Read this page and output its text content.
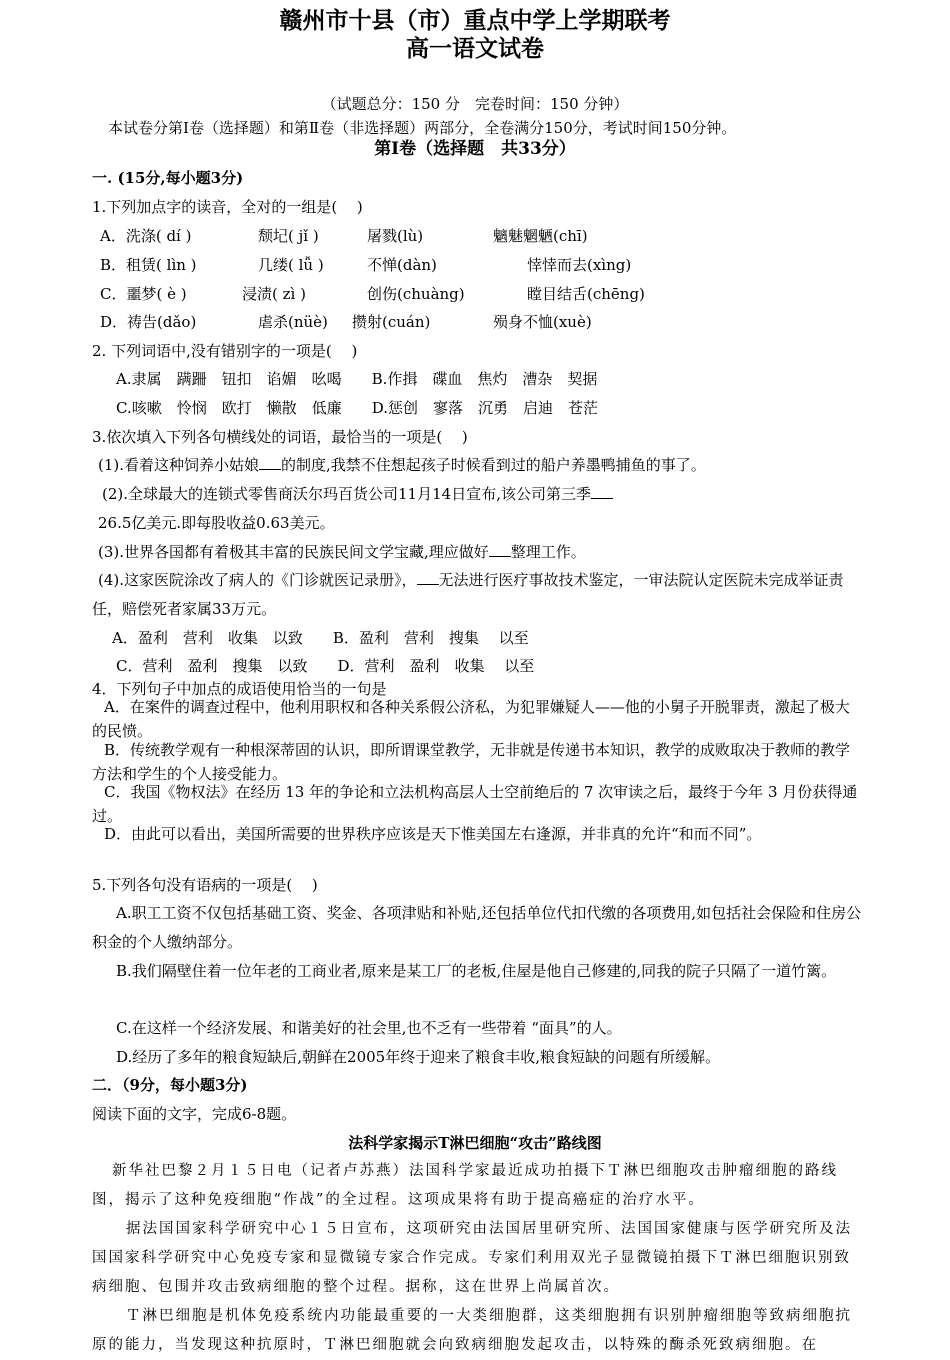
赣州市十县（市）重点中学上学期联考
高一语文试卷
（试题总分：150 分　完卷时间：150 分钟）
本试卷分第Ⅰ卷（选择题）和第Ⅱ卷（非选择题）两部分，全卷满分150分，考试时间150分钟。
第Ⅰ卷（选择题　共33分）
一. (15分,每小题3分)
1.下列加点字的读音，全对的一组是(　 )
A．洗涤( dí )	颓圮( jǐ )	屠戮(lù)	魑魅魍魉(chī)
B．租赁( lìn )	几缕( lǚ )	不惮(dàn)	悻悻而去(xìng)
C．噩梦( è )	浸渍( zì )	创伤(chuàng)	瞠目结舌(chēng)
D．祷告(dǎo)	虐杀(nüè) 攒射(cuán)	殒身不恤(xuè)
2. 下列词语中,没有错别字的一项是(　 )
A.隶属　蹒跚　钮扣　谄媚　吆喝　　B.作揖　碟血　焦灼　漕杂　契据
C.咳嗽　怜悯　欧打　懒散　低廉　　D.惩创　寥落　沉勇　启迪　苍茫
3.依次填入下列各句横线处的词语，最恰当的一项是(　 )
(1).看着这种饲养小姑娘 的制度,我禁不住想起孩子时候看到过的船户养墨鸭捕鱼的事了。
(2).全球最大的连锁式零售商沃尔玛百货公司11月14日宣布,该公司第三季
26.5亿美元.即每股收益0.63美元。
(3).世界各国都有着极其丰富的民族民间文学宝藏,理应做好 整理工作。
(4).这家医院涂改了病人的《门诊就医记录册》， 无法进行医疗事故技术鉴定，一审法院认定医院未完成举证责任，赔偿死者家属33万元。
A．盈利　营利　收集　以致　　B．盈利　营利　搜集　 以至
C．营利　盈利　搜集　以致　　D．营利　盈利　收集　 以至
4．下列句子中加点的成语使用恰当的一句是
A．在案件的调查过程中，他利用职权和各种关系假公济私，为犯罪嫌疑人——他的小舅子开脱罪责，激起了极大的民愤。
B．传统教学观有一种根深蒂固的认识，即所谓课堂教学，无非就是传递书本知识，教学的成败取决于教师的教学方法和学生的个人接受能力。
C．我国《物权法》在经历 13 年的争论和立法机构高层人士空前绝后的 7 次审读之后，最终于今年 3 月份获得通过。
D．由此可以看出，美国所需要的世界秩序应该是天下惟美国左右逢源，并非真的允许“和而不同”。
5.下列各句没有语病的一项是(　 )
A.职工工资不仅包括基础工资、奖金、各项津贴和补贴,还包括单位代扣代缴的各项费用,如包括社会保险和住房公积金的个人缴纳部分。
B.我们隔壁住着一位年老的工商业者,原来是某工厂的老板,住屋是他自己修建的,同我的院子只隔了一道竹篱。
C.在这样一个经济发展、和谐美好的社会里,也不乏有一些带着 “面具”的人。
D.经历了多年的粮食短缺后,朝鲜在2005年终于迎来了粮食丰收,粮食短缺的问题有所缓解。
二．（9分，每小题3分)
阅读下面的文字，完成6-8题。
法科学家揭示T淋巴细胞“攻击”路线图
新华社巴黎２月１５日电（记者卢苏燕）法国科学家最近成功拍摄下Ｔ淋巴细胞攻击肿瘤细胞的路线图，揭示了这种免疫细胞“作战”的全过程。这项成果将有助于提高癌症的治疗水平。
据法国国家科学研究中心１５日宣布，这项研究由法国居里研究所、法国国家健康与医学研究所及法国国家科学研究中心免疫专家和显微镜专家合作完成。专家们利用双光子显微镜拍摄下Ｔ淋巴细胞识别致病细胞、包围并攻击致病细胞的整个过程。据称，这在世界上尚属首次。
Ｔ淋巴细胞是机体免疫系统内功能最重要的一大类细胞群，这类细胞拥有识别肿瘤细胞等致病细胞抗原的能力，当发现这种抗原时，Ｔ淋巴细胞就会向致病细胞发起攻击，以特殊的酶杀死致病细胞。在
